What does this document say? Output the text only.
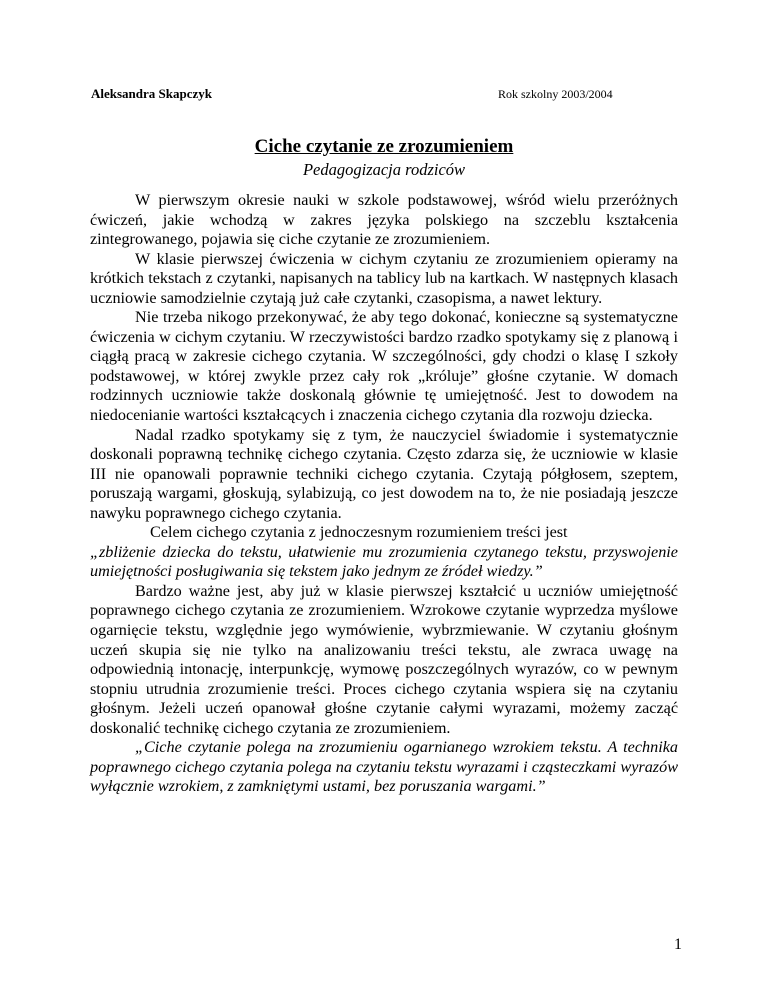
Aleksandra Skapczyk	Rok szkolny 2003/2004
Ciche czytanie ze zrozumieniem
Pedagogizacja rodziców

W pierwszym okresie nauki w szkole podstawowej, wśród wielu przeróżnych ćwiczeń, jakie wchodzą w zakres języka polskiego na szczeblu kształcenia zintegrowanego, pojawia się ciche czytanie ze zrozumieniem.

W klasie pierwszej ćwiczenia w cichym czytaniu ze zrozumieniem opieramy na krótkich tekstach z czytanki, napisanych na tablicy lub na kartkach. W następnych klasach uczniowie samodzielnie czytają już całe czytanki, czasopisma, a nawet lektury.

Nie trzeba nikogo przekonywać, że aby tego dokonać, konieczne są systematyczne ćwiczenia w cichym czytaniu. W rzeczywistości bardzo rzadko spotykamy się z planową i ciągłą pracą w zakresie cichego czytania. W szczególności, gdy chodzi o klasę I szkoły podstawowej, w której zwykle przez cały rok „króluje” głośne czytanie. W domach rodzinnych uczniowie także doskonalą głównie tę umiejętność. Jest to dowodem na niedocenianie wartości kształcących i znaczenia cichego czytania dla rozwoju dziecka.

Nadal rzadko spotykamy się z tym, że nauczyciel świadomie i systematycznie doskonali poprawną technikę cichego czytania. Często zdarza się, że uczniowie w klasie III nie opanowali poprawnie techniki cichego czytania. Czytają półgłosem, szeptem, poruszają wargami, głoskują, sylabizują, co jest dowodem na to, że nie posiadają jeszcze nawyku poprawnego cichego czytania.

Celem cichego czytania z jednoczesnym rozumieniem treści jest

„zbliżenie dziecka do tekstu, ułatwienie mu zrozumienia czytanego tekstu, przyswojenie umiejętności posługiwania się tekstem jako jednym ze źródeł wiedzy.”

Bardzo ważne jest, aby już w klasie pierwszej kształcić u uczniów umiejętność poprawnego cichego czytania ze zrozumieniem. Wzrokowe czytanie wyprzedza myślowe ogarnięcie tekstu, względnie jego wymówienie, wybrzmiewanie. W czytaniu głośnym uczeń skupia się nie tylko na analizowaniu treści tekstu, ale zwraca uwagę na odpowiednią intonację, interpunkcję, wymowę poszczególnych wyrazów, co w pewnym stopniu utrudnia zrozumienie treści. Proces cichego czytania wspiera się na czytaniu głośnym. Jeżeli uczeń opanował głośne czytanie całymi wyrazami, możemy zacząć doskonalić technikę cichego czytania ze zrozumieniem.

„Ciche czytanie polega na zrozumieniu ogarnianego wzrokiem tekstu. A technika poprawnego cichego czytania polega na czytaniu tekstu wyrazami i cząsteczkami wyrazów wyłącznie wzrokiem, z zamkniętymi ustami, bez poruszania wargami.”

1
